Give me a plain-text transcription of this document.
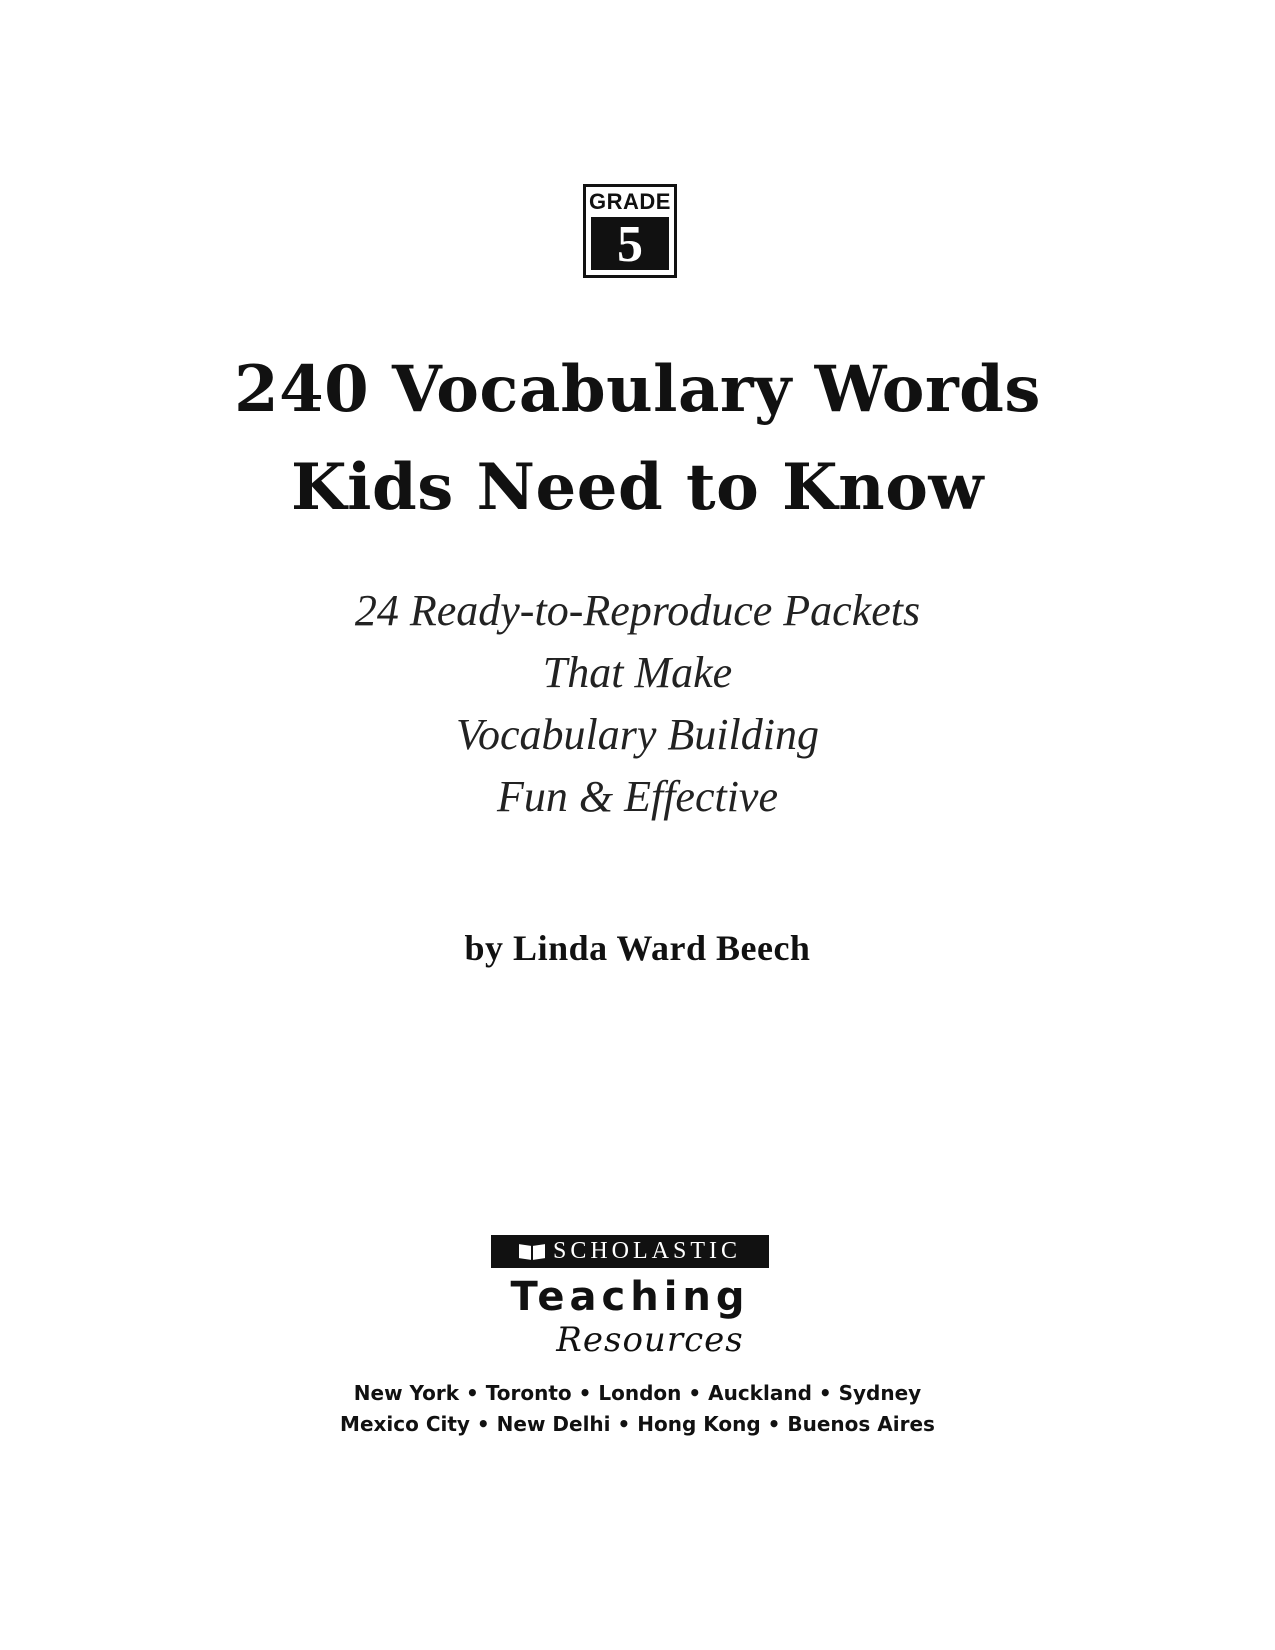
GRADE
5
240 Vocabulary Words
Kids Need to Know
24 Ready-to-Reproduce Packets
That Make
Vocabulary Building
Fun & Effective
by Linda Ward Beech
SCHOLASTIC
Teaching
Resources
New York • Toronto • London • Auckland • Sydney
Mexico City • New Delhi • Hong Kong • Buenos Aires
